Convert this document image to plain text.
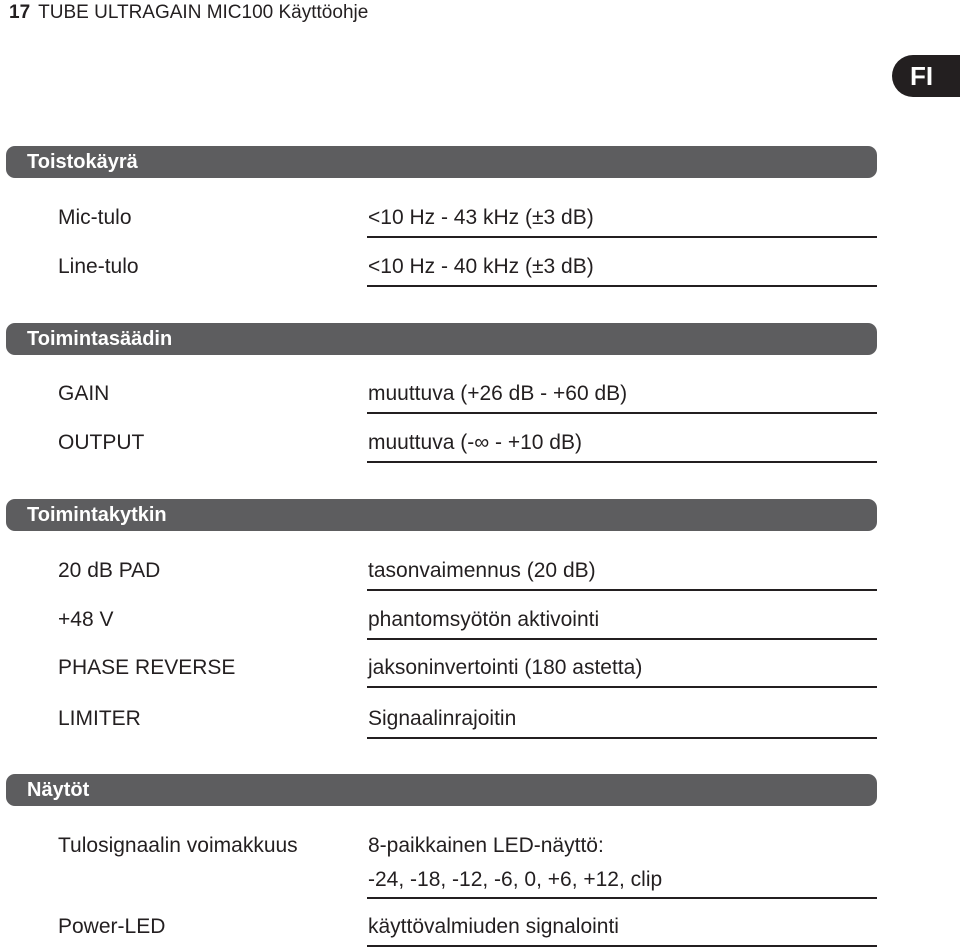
17 TUBE ULTRAGAIN MIC100 Käyttöohje
FI
Toistokäyrä
Mic-tulo	<10 Hz - 43 kHz (±3 dB)
Line-tulo	<10 Hz - 40 kHz (±3 dB)
Toimintasäädin
GAIN	muuttuva (+26 dB - +60 dB)
OUTPUT	muuttuva (-∞ - +10 dB)
Toimintakytkin
20 dB PAD	tasonvaimennus (20 dB)
+48 V	phantomsyötön aktivointi
PHASE REVERSE	jaksoninvertointi (180 astetta)
LIMITER	Signaalinrajoitin
Näytöt
Tulosignaalin voimakkuus	8-paikkainen LED-näyttö:
-24, -18, -12, -6, 0, +6, +12, clip
Power-LED	käyttövalmiuden signalointi
